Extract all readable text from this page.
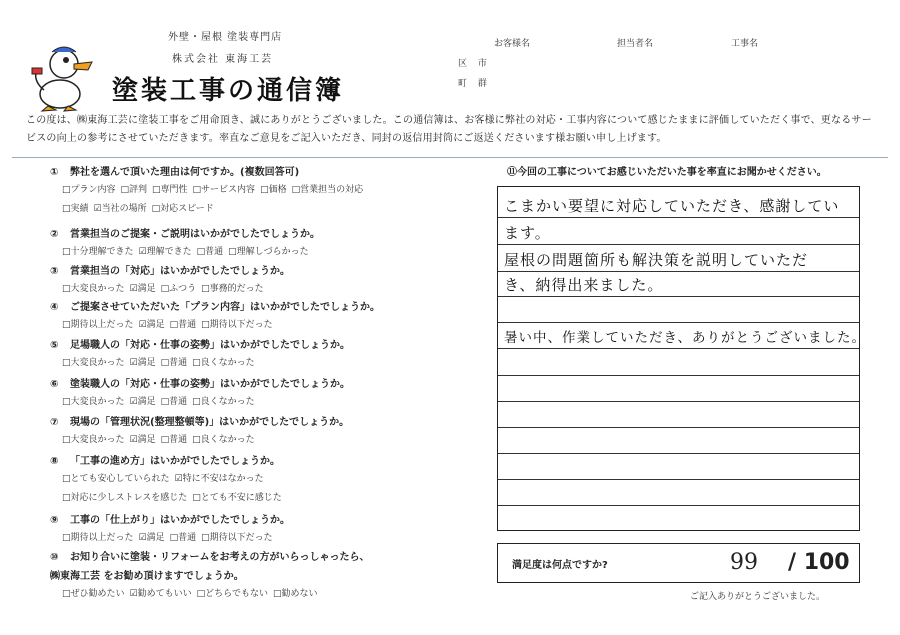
外壁・屋根 塗装専門店
株式会社 東海工芸
塗装工事の通信簿
お客様名	担当者名	工事名
区 市
町 群
この度は、㈱東海工芸に塗装工事をご用命頂き、誠にありがとうございました。この通信簿は、お客様に弊社の対応・工事内容について感じたままに評価していただく事で、更なるサービスの向上の参考にさせていただきます。率直なご意見をご記入いただき、同封の返信用封筒にご返送くださいます様お願い申し上げます。
① 弊社を選んで頂いた理由は何ですか。(複数回答可)
□プラン内容 □評判 □専門性 □サービス内容 □価格 □営業担当の対応
□実績 ☑当社の場所 □対応スピード
② 営業担当のご提案・ご説明はいかがでしたでしょうか。
□十分理解できた ☑理解できた □普通 □理解しづらかった
③ 営業担当の「対応」はいかがでしたでしょうか。
□大変良かった ☑満足 □ふつう □事務的だった
④ ご提案させていただいた「プラン内容」はいかがでしたでしょうか。
□期待以上だった ☑満足 □普通 □期待以下だった
⑤ 足場職人の「対応・仕事の姿勢」はいかがでしたでしょうか。
□大変良かった ☑満足 □普通 □良くなかった
⑥ 塗装職人の「対応・仕事の姿勢」はいかがでしたでしょうか。
□大変良かった ☑満足 □普通 □良くなかった
⑦ 現場の「管理状況(整理整頓等)」はいかがでしたでしょうか。
□大変良かった ☑満足 □普通 □良くなかった
⑧ 「工事の進め方」はいかがでしたでしょうか。
□とても安心していられた ☑特に不安はなかった
□対応に少しストレスを感じた □とても不安に感じた
⑨ 工事の「仕上がり」はいかがでしたでしょうか。
□期待以上だった ☑満足 □普通 □期待以下だった
⑩ お知り合いに塗装・リフォームをお考えの方がいらっしゃったら、
㈱東海工芸 をお勧め頂けますでしょうか。
□ぜひ勧めたい ☑勧めてもいい □どちらでもない □勧めない
⑪今回の工事についてお感じいただいた事を率直にお聞かせください。
こまかい要望に対応していただき、感謝してい
ます。
屋根の問題箇所も解決策を説明していただ
き、納得出来ました。
暑い中、作業していただき、ありがとうございました。
満足度は何点ですか?	99 / 100
ご記入ありがとうございました。
